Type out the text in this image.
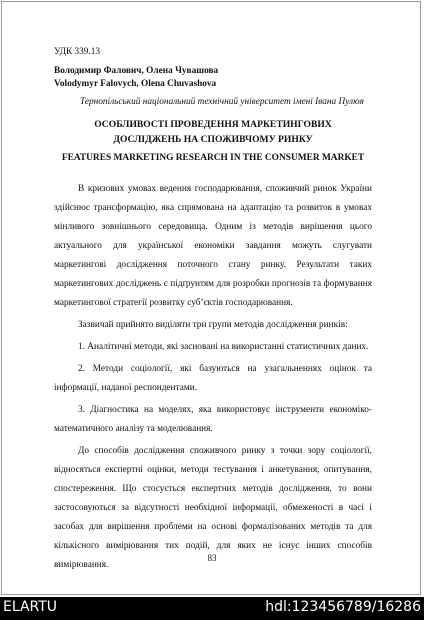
УДК 339.13
Володимир Фалович, Олена Чувашова
Volodymyr Falovych, Olena Chuvashova
Тернопільський національний технічний університет імені Івана Пулюя
ОСОБЛИВОСТІ ПРОВЕДЕННЯ МАРКЕТИНГОВИХ ДОСЛІДЖЕНЬ НА СПОЖИВЧОМУ РИНКУ
FEATURES MARKETING RESEARCH IN THE CONSUMER MARKET

В кризових умовах ведення господарювання, споживчий ринок України здійснює трансформацію, яка спрямована на адаптацію та розвиток в умовах мінливого зовнішнього середовища. Одним із методів вирішення цього актуального для української економіки завдання можуть слугувати маркетингові дослідження поточного стану ринку. Результати таких маркетингових досліджень є підґрунтям для розробки прогнозів та формування маркетингової стратегії розвитку суб’єктів господарювання.

Зазвичай прийнято виділяти три групи методів дослідження ринків:

1. Аналітичні методи, які засновані на використанні статистичних даних.

2. Методи соціології, які базуються на узагальненнях оцінок та інформації, наданої респондентами.

3. Діагностика на моделях, яка використовує інструменти економіко-математичного аналізу та моделювання.

До способів дослідження споживчого ринку з точки зору соціології, відносяться експертні оцінки, методи тестування і анкетування, опитування, спостереження. Що стосується експертних методів дослідження, то вони застосовуються за відсутності необхідної інформації, обмеженості в часі і засобах для вирішення проблеми на основі формалізованих методів та для кількісного вимірювання тих подій, для яких не існує інших способів вимірювання.

83
ELARTU	hdl:123456789/16286
